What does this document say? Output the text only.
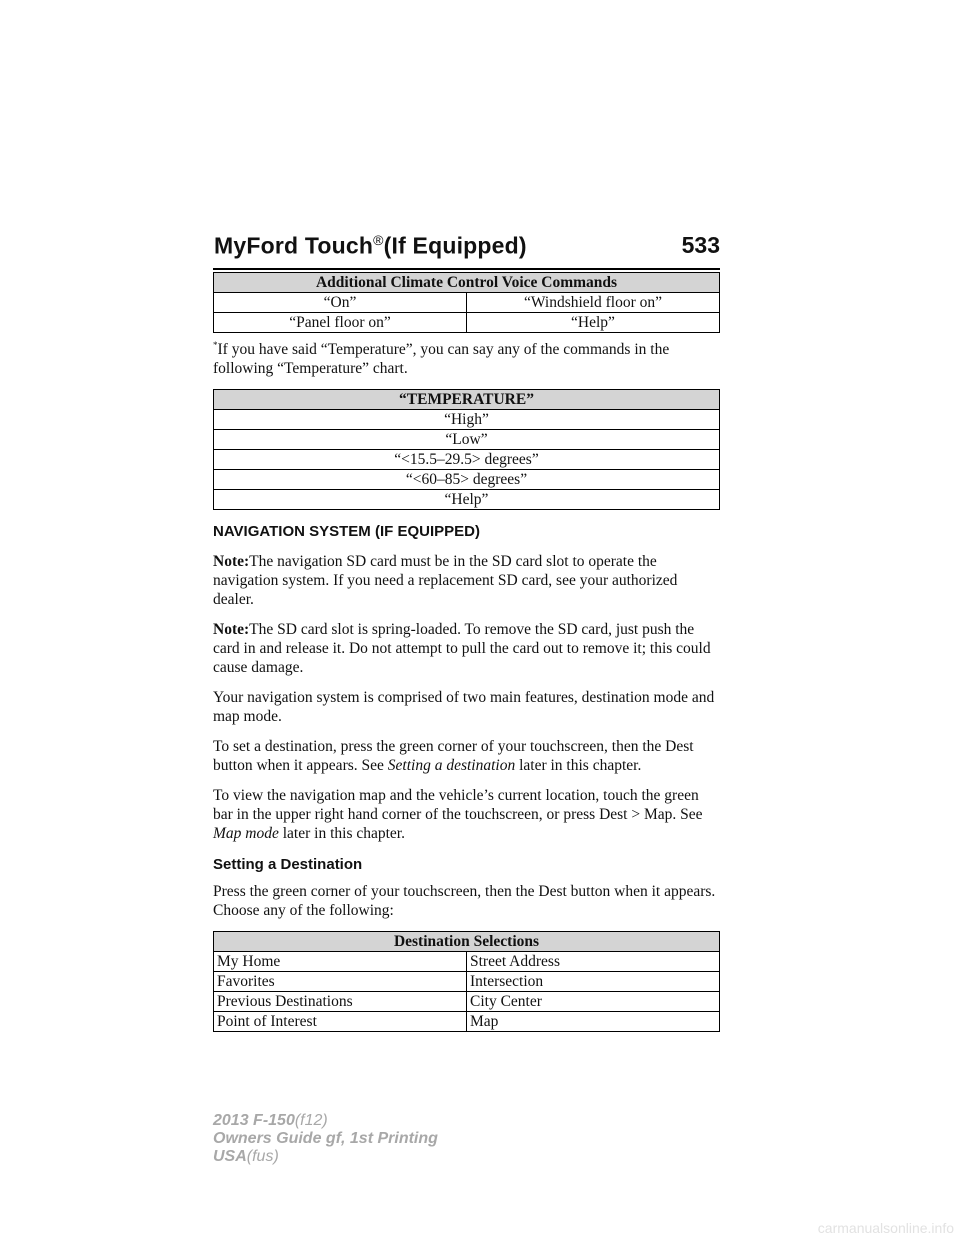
MyFord Touch®(If Equipped)	533
Additional Climate Control Voice Commands	
“On”	“Windshield floor on”
“Panel floor on”	“Help”

*If you have said “Temperature”, you can say any of the commands in the following “Temperature” chart.

“TEMPERATURE”
“High”
“Low”
“<15.5–29.5> degrees”
“<60–85> degrees”
“Help”

NAVIGATION SYSTEM (IF EQUIPPED)

Note:The navigation SD card must be in the SD card slot to operate the navigation system. If you need a replacement SD card, see your authorized dealer.

Note:The SD card slot is spring-loaded. To remove the SD card, just push the card in and release it. Do not attempt to pull the card out to remove it; this could cause damage.

Your navigation system is comprised of two main features, destination mode and map mode.

To set a destination, press the green corner of your touchscreen, then the Dest button when it appears. See Setting a destination later in this chapter.

To view the navigation map and the vehicle’s current location, touch the green bar in the upper right hand corner of the touchscreen, or press Dest > Map. See Map mode later in this chapter.

Setting a Destination

Press the green corner of your touchscreen, then the Dest button when it appears. Choose any of the following:

Destination Selections	
My Home	Street Address
Favorites	Intersection
Previous Destinations	City Center
Point of Interest	Map
2013 F-150(f12)
Owners Guide gf, 1st Printing
USA(fus)
carmanualsonline.info
